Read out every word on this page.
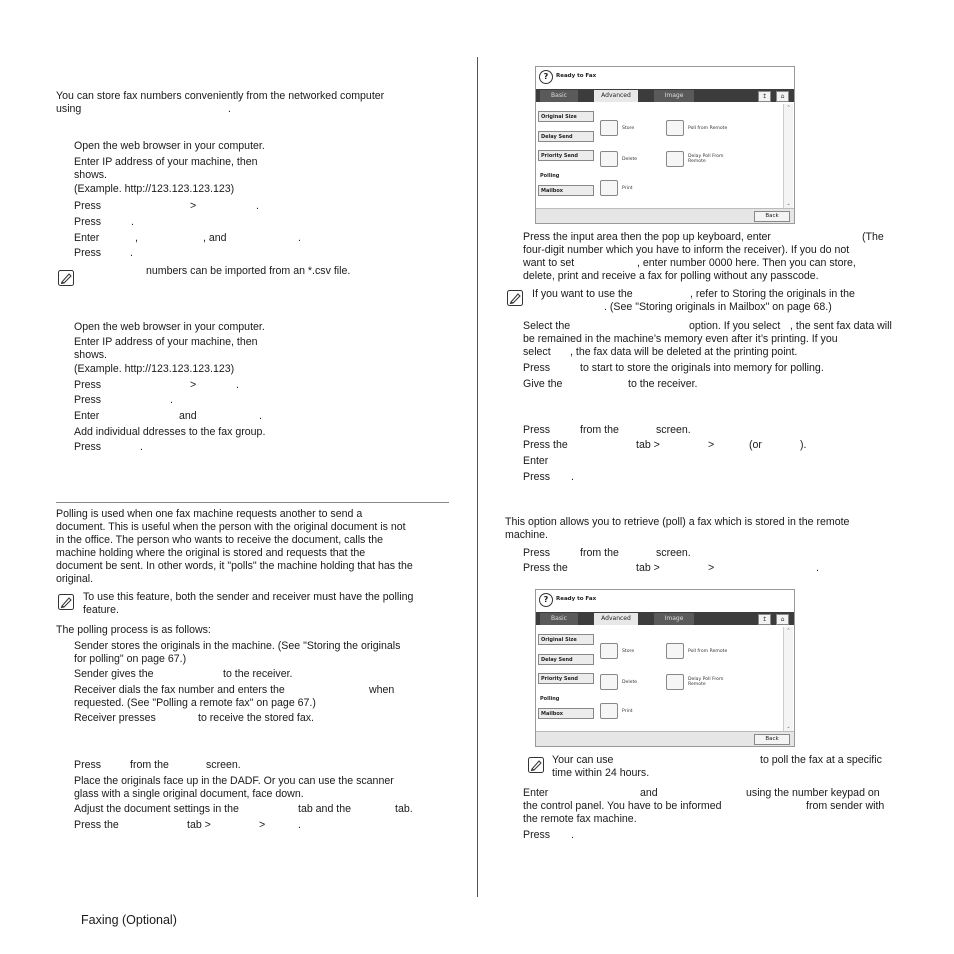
You can store fax numbers conveniently from the networked computer
using	.
Open the web browser in your computer.
Enter IP address of your machine, then
shows.
(Example. http://123.123.123.123)
Press	>	.
Press	.
Enter	,	, and	.
Press	.
numbers can be imported from an *.csv file.
Open the web browser in your computer.
Enter IP address of your machine, then
shows.
(Example. http://123.123.123.123)
Press	>	.
Press	.
Enter	and	.
Add individual ddresses to the fax group.
Press	.
Polling is used when one fax machine requests another to send a
document. This is useful when the person with the original document is not
in the office. The person who wants to receive the document, calls the
machine holding where the original is stored and requests that the
document be sent. In other words, it "polls" the machine holding that has the
original.
To use this feature, both the sender and receiver must have the polling
feature.
The polling process is as follows:
Sender stores the originals in the machine. (See "Storing the originals
for polling" on page 67.)
Sender gives the	to the receiver.
Receiver dials the fax number and enters the	when
requested. (See "Polling a remote fax" on page 67.)
Receiver presses	to receive the stored fax.
Press	from the	screen.
Place the originals face up in the DADF. Or you can use the scanner
glass with a single original document, face down.
Adjust the document settings in the	tab and the	tab.
Press the	tab >	>	.
?	Ready to Fax
Basic	Advanced	Image	↥	⌂
Original Size
Delay Send
Priority Send
Polling
Mailbox
Store	Poll from Remote
Delete
Delay Poll From
Remote
Print
⌃
⌄
Back
Press the input area then the pop up keyboard, enter	(The
four-digit number which you have to inform the receiver). If you do not
want to set	, enter number 0000 here. Then you can store,
delete, print and receive a fax for polling without any passcode.
If you want to use the	, refer to Storing the originals in the
. (See "Storing originals in Mailbox" on page 68.)
Select the	option. If you select , the sent fax data will
be remained in the machine’s memory even after it’s printing. If you
select , the fax data will be deleted at the printing point.
Press	to start to store the originals into memory for polling.
Give the	to the receiver.
Press	from the	screen.
Press the	tab >	>	(or	).
Enter
Press .
This option allows you to retrieve (poll) a fax which is stored in the remote
machine.
Press	from the	screen.
Press the	tab >	>	.
?	Ready to Fax
Basic	Advanced	Image	↥	⌂
Original Size
Delay Send
Priority Send
Polling
Mailbox
Store	Poll from Remote
Delete
Delay Poll From
Remote
Print
⌃
⌄
Back
Your can use	to poll the fax at a specific
time within 24 hours.
Enter	and	using the number keypad on
the control panel. You have to be informed	from sender with
the remote fax machine.
Press .
Faxing (Optional)
